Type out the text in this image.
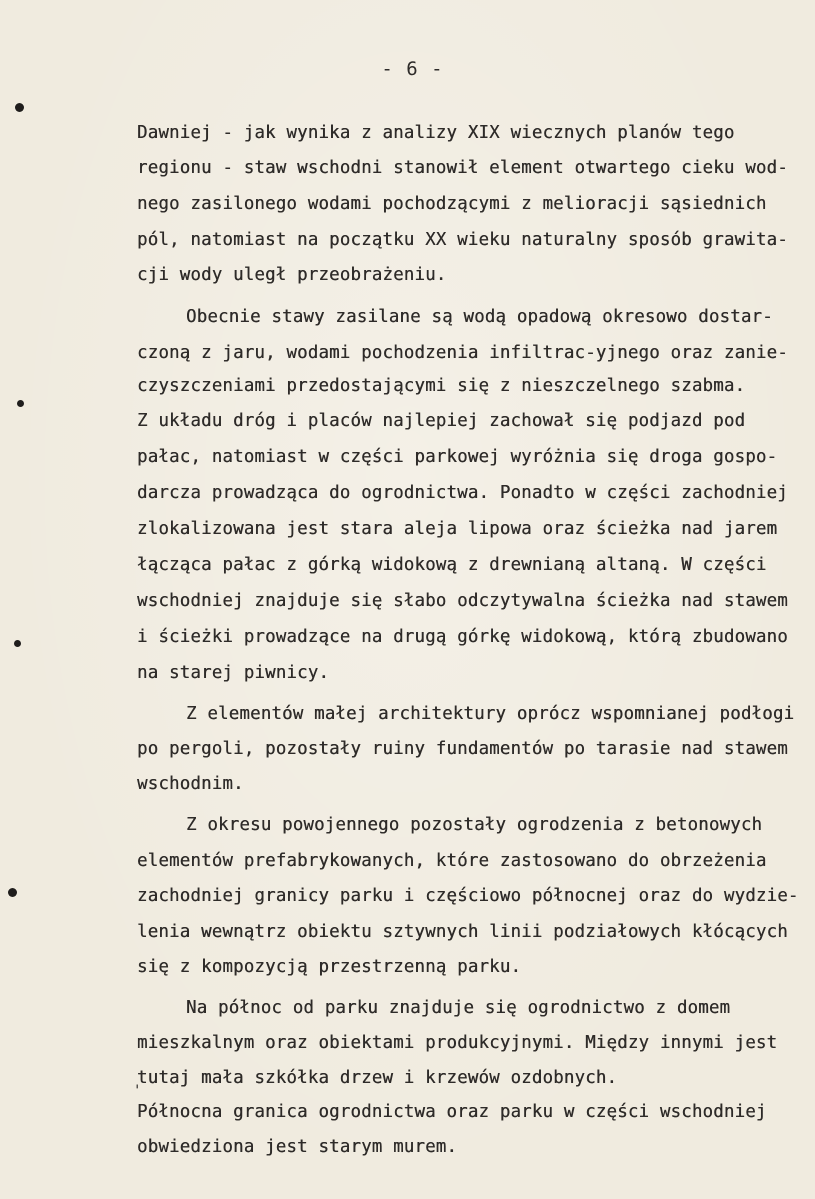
- 6 -
Dawniej - jak wynika z analizy XIX wiecznych planów tego
regionu - staw wschodni stanowił element otwartego cieku wod-
nego zasilonego wodami pochodzącymi z melioracji sąsiednich
pól, natomiast na początku XX wieku naturalny sposób grawita-
cji wody uległ przeobrażeniu.
Obecnie stawy zasilane są wodą opadową okresowo dostar-
czoną z jaru, wodami pochodzenia infiltrac-yjnego oraz zanie-
czyszczeniami przedostającymi się z nieszczelnego szabma.
Z układu dróg i placów najlepiej zachował się podjazd pod
pałac, natomiast w części parkowej wyróżnia się droga gospo-
darcza prowadząca do ogrodnictwa. Ponadto w części zachodniej
zlokalizowana jest stara aleja lipowa oraz ścieżka nad jarem
łącząca pałac z górką widokową z drewnianą altaną. W części
wschodniej znajduje się słabo odczytywalna ścieżka nad stawem
i ścieżki prowadzące na drugą górkę widokową, którą zbudowano
na starej piwnicy.
Z elementów małej architektury oprócz wspomnianej podłogi
po pergoli, pozostały ruiny fundamentów po tarasie nad stawem
wschodnim.
Z okresu powojennego pozostały ogrodzenia z betonowych
elementów prefabrykowanych, które zastosowano do obrzeżenia
zachodniej granicy parku i częściowo północnej oraz do wydzie-
lenia wewnątrz obiektu sztywnych linii podziałowych kłócących
się z kompozycją przestrzenną parku.
Na północ od parku znajduje się ogrodnictwo z domem
mieszkalnym oraz obiektami produkcyjnymi. Między innymi jest
tutaj mała szkółka drzew i krzewów ozdobnych.
Północna granica ogrodnictwa oraz parku w części wschodniej
obwiedziona jest starym murem.
'
